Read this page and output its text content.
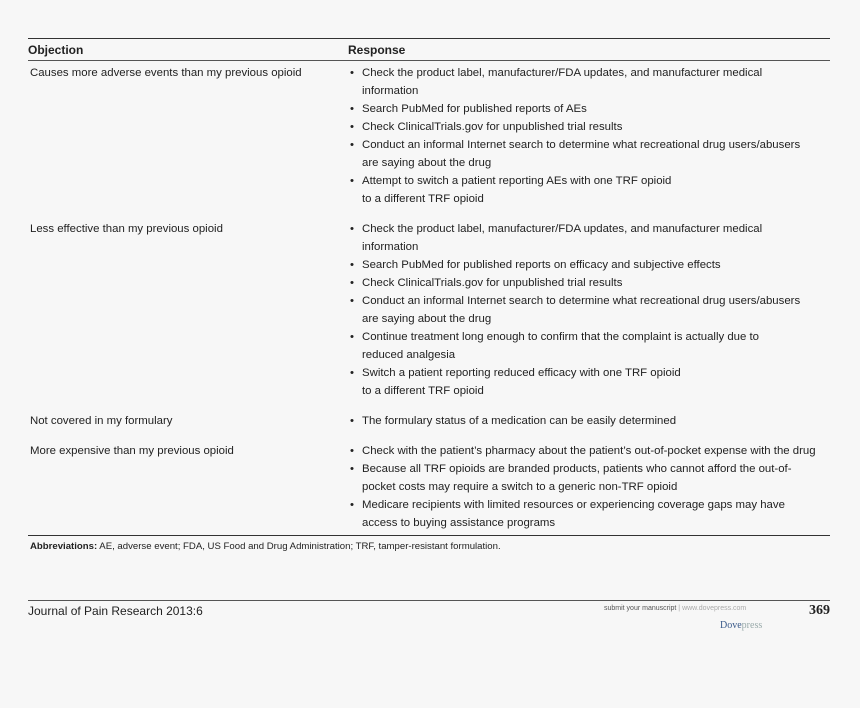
Objection	Response
Causes more adverse events than my previous opioid	• Check the product label, manufacturer/FDA updates, and manufacturer medical
information
• Search PubMed for published reports of AEs
• Check ClinicalTrials.gov for unpublished trial results
• Conduct an informal Internet search to determine what recreational drug users/abusers
are saying about the drug
• Attempt to switch a patient reporting AEs with one TRF opioid
to a different TRF opioid
Less effective than my previous opioid	• Check the product label, manufacturer/FDA updates, and manufacturer medical
information
• Search PubMed for published reports on efficacy and subjective effects
• Check ClinicalTrials.gov for unpublished trial results
• Conduct an informal Internet search to determine what recreational drug users/abusers
are saying about the drug
• Continue treatment long enough to confirm that the complaint is actually due to
reduced analgesia
• Switch a patient reporting reduced efficacy with one TRF opioid
to a different TRF opioid
Not covered in my formulary	• The formulary status of a medication can be easily determined
More expensive than my previous opioid	• Check with the patient’s pharmacy about the patient’s out-of-pocket expense with the drug
• Because all TRF opioids are branded products, patients who cannot afford the out-of-
pocket costs may require a switch to a generic non-TRF opioid
• Medicare recipients with limited resources or experiencing coverage gaps may have
access to buying assistance programs
Abbreviations: AE, adverse event; FDA, US Food and Drug Administration; TRF, tamper-resistant formulation.
Journal of Pain Research 2013:6	submit your manuscript | www.dovepress.com	369
Dovepress
